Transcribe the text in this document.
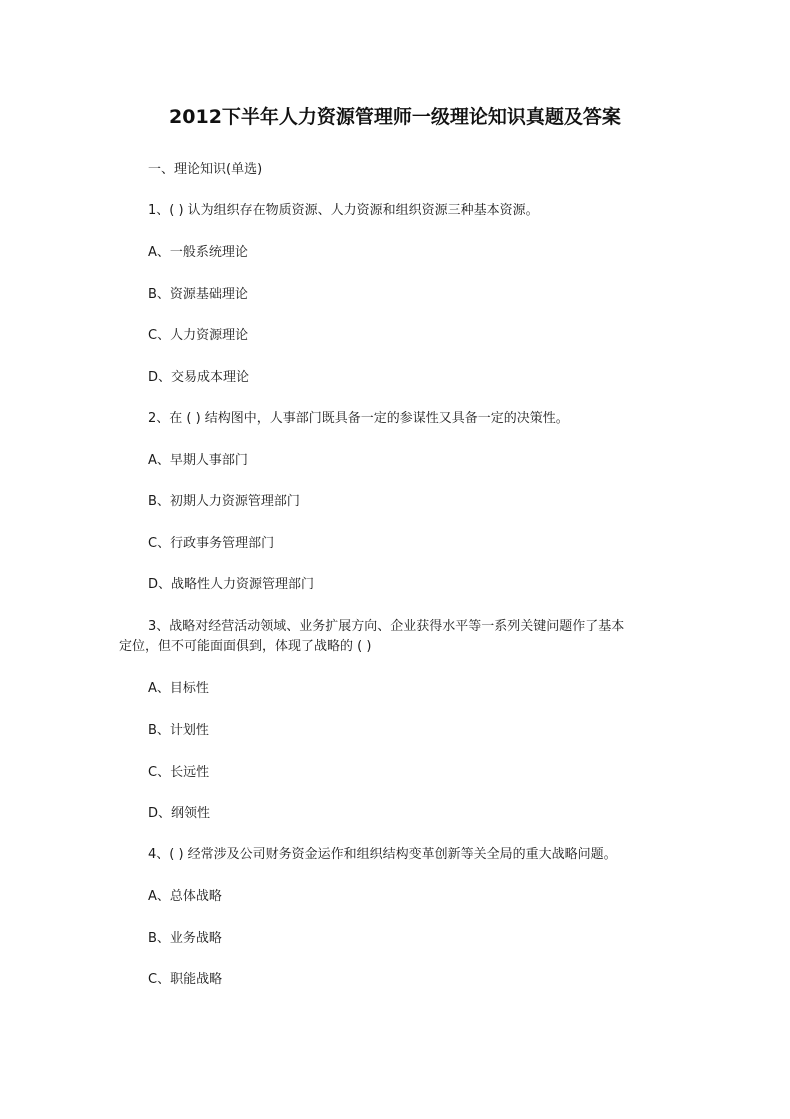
2012下半年人力资源管理师一级理论知识真题及答案

一、理论知识(单选)

1、( ) 认为组织存在物质资源、人力资源和组织资源三种基本资源。

A、一般系统理论

B、资源基础理论

C、人力资源理论

D、交易成本理论

2、在 ( ) 结构图中，人事部门既具备一定的参谋性又具备一定的决策性。

A、早期人事部门

B、初期人力资源管理部门

C、行政事务管理部门

D、战略性人力资源管理部门

3、战略对经营活动领域、业务扩展方向、企业获得水平等一系列关键问题作了基本

定位，但不可能面面俱到，体现了战略的 ( )

A、目标性

B、计划性

C、长远性

D、纲领性

4、( ) 经常涉及公司财务资金运作和组织结构变革创新等关全局的重大战略问题。

A、总体战略

B、业务战略

C、职能战略
